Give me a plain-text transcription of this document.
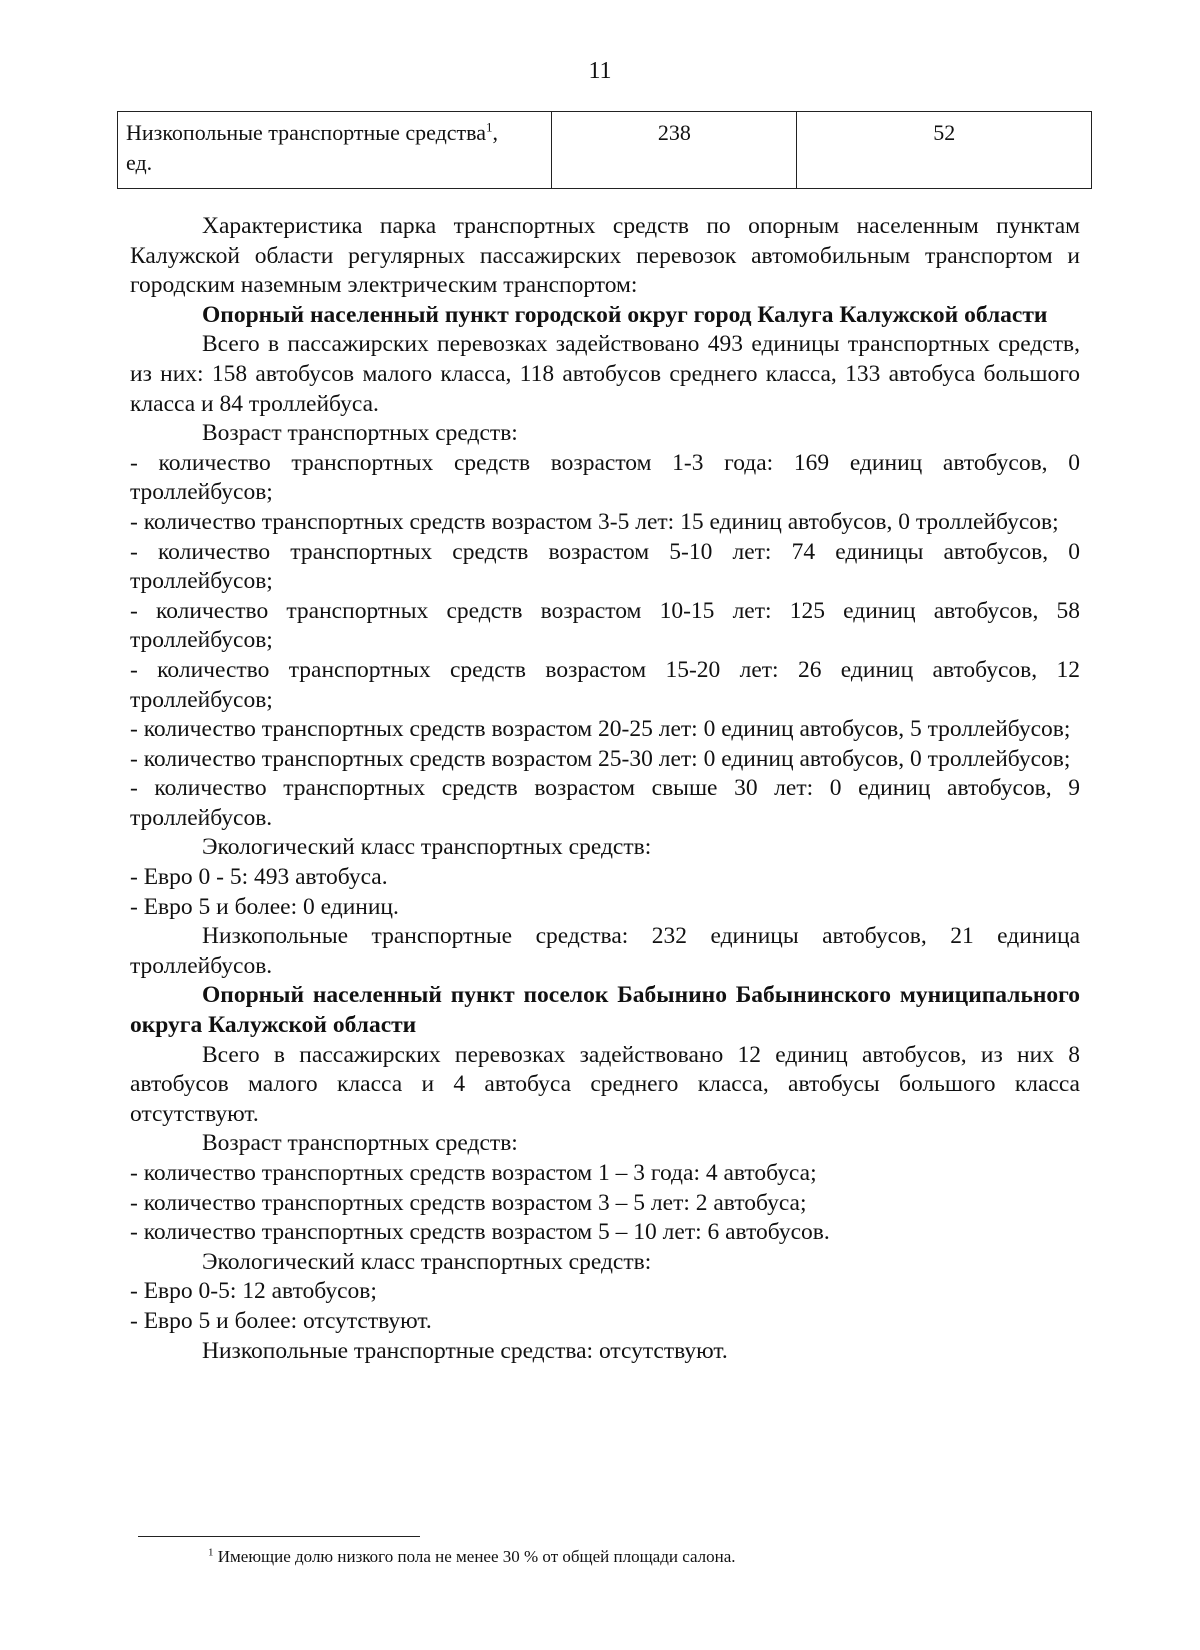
11
Низкопольные транспортные средства$^1$,
ед.	238	52

Характеристика парка транспортных средств по опорным населенным пунктам Калужской области регулярных пассажирских перевозок автомобильным транспортом и городским наземным электрическим транспортом:

Опорный населенный пункт городской округ город Калуга Калужской области

Всего в пассажирских перевозках задействовано 493 единицы транспортных средств, из них: 158 автобусов малого класса, 118 автобусов среднего класса, 133 автобуса большого класса и 84 троллейбуса.

Возраст транспортных средств:

- количество транспортных средств возрастом 1-3 года: 169 единиц автобусов, 0 троллейбусов;

- количество транспортных средств возрастом 3-5 лет: 15 единиц автобусов, 0 троллейбусов;

- количество транспортных средств возрастом 5-10 лет: 74 единицы автобусов, 0 троллейбусов;

- количество транспортных средств возрастом 10-15 лет: 125 единиц автобусов, 58 троллейбусов;

- количество транспортных средств возрастом 15-20 лет: 26 единиц автобусов, 12 троллейбусов;

- количество транспортных средств возрастом 20-25 лет: 0 единиц автобусов, 5 троллейбусов;

- количество транспортных средств возрастом 25-30 лет: 0 единиц автобусов, 0 троллейбусов;

- количество транспортных средств возрастом свыше 30 лет: 0 единиц автобусов, 9 троллейбусов.

Экологический класс транспортных средств:

- Евро 0 - 5: 493 автобуса.

- Евро 5 и более: 0 единиц.

Низкопольные транспортные средства: 232 единицы автобусов, 21 единица троллейбусов.

Опорный населенный пункт поселок Бабынино Бабынинского муниципального округа Калужской области

Всего в пассажирских перевозках задействовано 12 единиц автобусов, из них 8 автобусов малого класса и 4 автобуса среднего класса, автобусы большого класса отсутствуют.

Возраст транспортных средств:

- количество транспортных средств возрастом 1 – 3 года: 4 автобуса;

- количество транспортных средств возрастом 3 – 5 лет: 2 автобуса;

- количество транспортных средств возрастом 5 – 10 лет: 6 автобусов.

Экологический класс транспортных средств:

- Евро 0-5: 12 автобусов;

- Евро 5 и более: отсутствуют.

Низкопольные транспортные средства: отсутствуют.

$^1$ Имеющие долю низкого пола не менее 30 % от общей площади салона.
